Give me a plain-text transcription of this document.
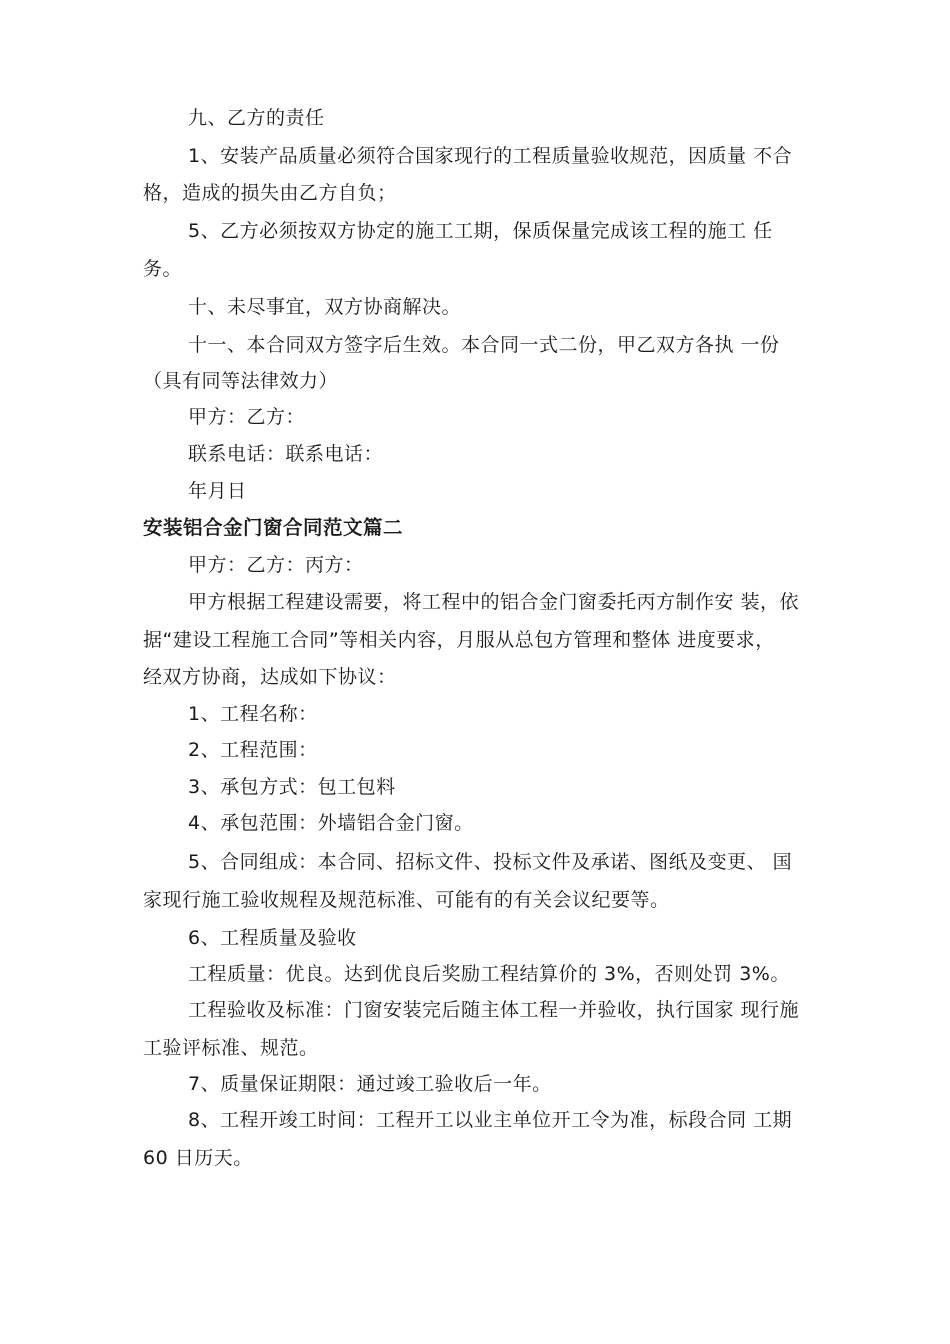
九、乙方的责任
1、安装产品质量必须符合国家现行的工程质量验收规范，因质量 不合
格，造成的损失由乙方自负；
5、乙方必须按双方协定的施工工期，保质保量完成该工程的施工 任
务。
十、未尽事宜，双方协商解决。
十一、本合同双方签字后生效。本合同一式二份，甲乙双方各执 一份
（具有同等法律效力）
甲方：乙方：
联系电话：联系电话：
年月日
安装铝合金门窗合同范文篇二
甲方：乙方：丙方：
甲方根据工程建设需要，将工程中的铝合金门窗委托丙方制作安 装，依
据“建设工程施工合同”等相关内容，月服从总包方管理和整体 进度要求，
经双方协商，达成如下协议：
1、工程名称：
2、工程范围：
3、承包方式：包工包料
4、承包范围：外墙铝合金门窗。
5、合同组成：本合同、招标文件、投标文件及承诺、图纸及变更、 国
家现行施工验收规程及规范标准、可能有的有关会议纪要等。
6、工程质量及验收
工程质量：优良。达到优良后奖励工程结算价的 3%，否则处罚 3%。
工程验收及标准：门窗安装完后随主体工程一并验收，执行国家 现行施
工验评标准、规范。
7、质量保证期限：通过竣工验收后一年。
8、工程开竣工时间：工程开工以业主单位开工令为准，标段合同 工期
60 日历天。
